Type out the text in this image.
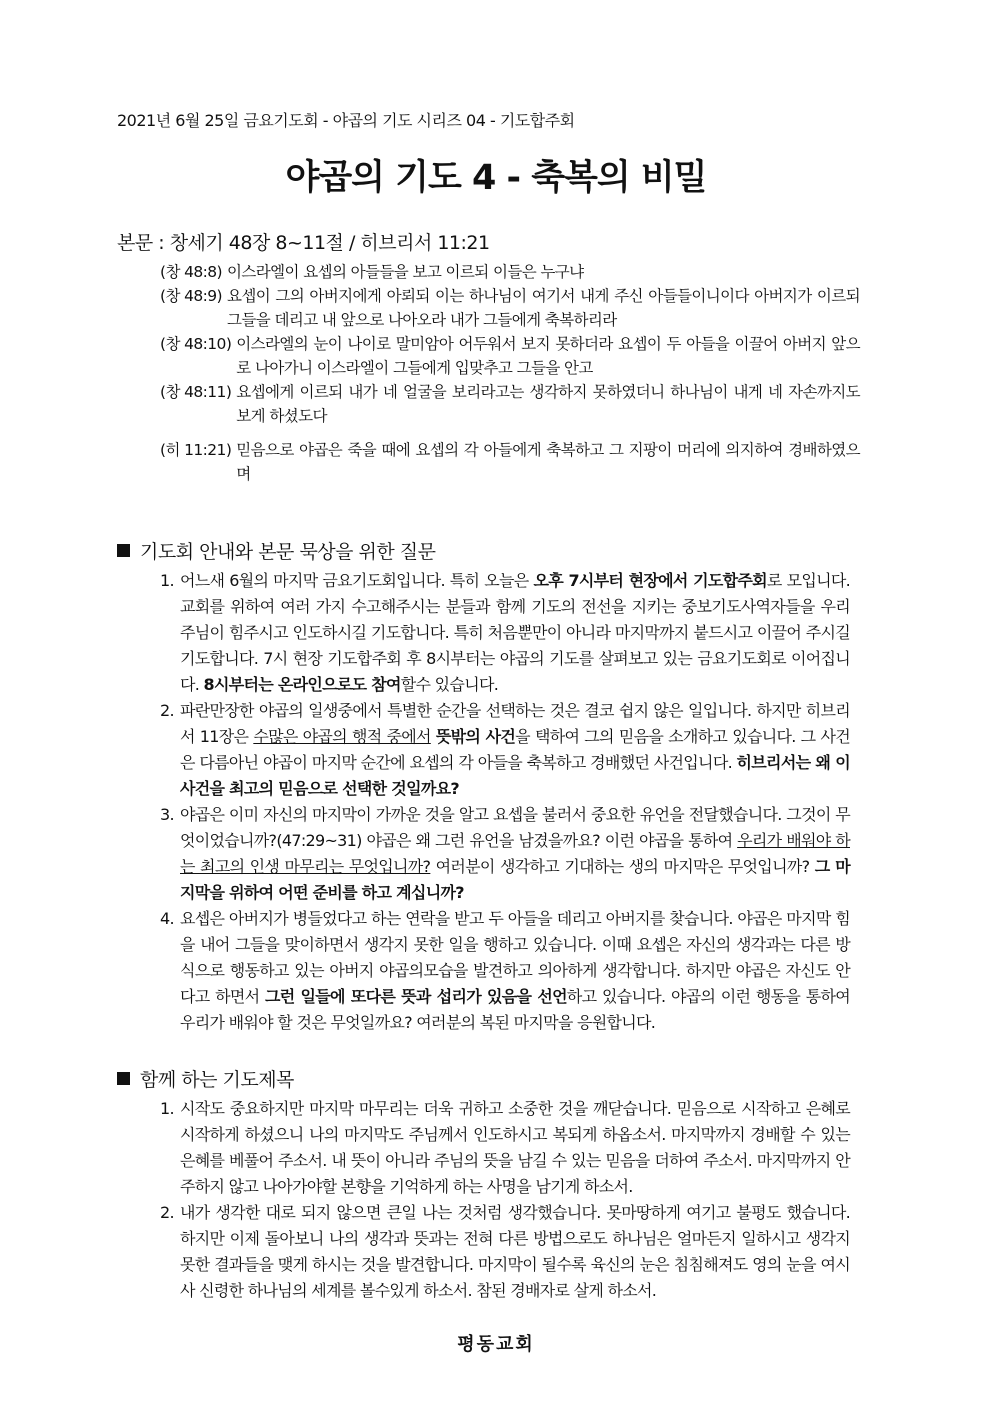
2021년 6월 25일 금요기도회 - 야곱의 기도 시리즈 04 - 기도합주회
야곱의 기도 4 - 축복의 비밀
본문 : 창세기 48장 8~11절 / 히브리서 11:21
(창 48:8) 이스라엘이 요셉의 아들들을 보고 이르되 이들은 누구냐
(창 48:9) 요셉이 그의 아버지에게 아뢰되 이는 하나님이 여기서 내게 주신 아들들이니이다 아버지가 이르되 그들을 데리고 내 앞으로 나아오라 내가 그들에게 축복하리라
(창 48:10) 이스라엘의 눈이 나이로 말미암아 어두워서 보지 못하더라 요셉이 두 아들을 이끌어 아버지 앞으로 나아가니 이스라엘이 그들에게 입맞추고 그들을 안고
(창 48:11) 요셉에게 이르되 내가 네 얼굴을 보리라고는 생각하지 못하였더니 하나님이 내게 네 자손까지도 보게 하셨도다
(히 11:21) 믿음으로 야곱은 죽을 때에 요셉의 각 아들에게 축복하고 그 지팡이 머리에 의지하여 경배하였으며
기도회 안내와 본문 묵상을 위한 질문
1. 어느새 6월의 마지막 금요기도회입니다. 특히 오늘은 오후 7시부터 현장에서 기도합주회로 모입니다. 교회를 위하여 여러 가지 수고해주시는 분들과 함께 기도의 전선을 지키는 중보기도사역자들을 우리 주님이 힘주시고 인도하시길 기도합니다. 특히 처음뿐만이 아니라 마지막까지 붙드시고 이끌어 주시길 기도합니다. 7시 현장 기도합주회 후 8시부터는 야곱의 기도를 살펴보고 있는 금요기도회로 이어집니다. 8시부터는 온라인으로도 참여할수 있습니다.
2. 파란만장한 야곱의 일생중에서 특별한 순간을 선택하는 것은 결코 쉽지 않은 일입니다. 하지만 히브리서 11장은 수많은 야곱의 행적 중에서 뜻밖의 사건을 택하여 그의 믿음을 소개하고 있습니다. 그 사건은 다름아닌 야곱이 마지막 순간에 요셉의 각 아들을 축복하고 경배했던 사건입니다. 히브리서는 왜 이 사건을 최고의 믿음으로 선택한 것일까요?
3. 야곱은 이미 자신의 마지막이 가까운 것을 알고 요셉을 불러서 중요한 유언을 전달했습니다. 그것이 무엇이었습니까?(47:29~31) 야곱은 왜 그런 유언을 남겼을까요? 이런 야곱을 통하여 우리가 배워야 하는 최고의 인생 마무리는 무엇입니까? 여러분이 생각하고 기대하는 생의 마지막은 무엇입니까? 그 마지막을 위하여 어떤 준비를 하고 계십니까?
4. 요셉은 아버지가 병들었다고 하는 연락을 받고 두 아들을 데리고 아버지를 찾습니다. 야곱은 마지막 힘을 내어 그들을 맞이하면서 생각지 못한 일을 행하고 있습니다. 이때 요셉은 자신의 생각과는 다른 방식으로 행동하고 있는 아버지 야곱의모습을 발견하고 의아하게 생각합니다. 하지만 야곱은 자신도 안다고 하면서 그런 일들에 또다른 뜻과 섭리가 있음을 선언하고 있습니다. 야곱의 이런 행동을 통하여 우리가 배워야 할 것은 무엇일까요? 여러분의 복된 마지막을 응원합니다.
함께 하는 기도제목
1. 시작도 중요하지만 마지막 마무리는 더욱 귀하고 소중한 것을 깨닫습니다. 믿음으로 시작하고 은혜로 시작하게 하셨으니 나의 마지막도 주님께서 인도하시고 복되게 하옵소서. 마지막까지 경배할 수 있는 은혜를 베풀어 주소서. 내 뜻이 아니라 주님의 뜻을 남길 수 있는 믿음을 더하여 주소서. 마지막까지 안주하지 않고 나아가야할 본향을 기억하게 하는 사명을 남기게 하소서.
2. 내가 생각한 대로 되지 않으면 큰일 나는 것처럼 생각했습니다. 못마땅하게 여기고 불평도 했습니다. 하지만 이제 돌아보니 나의 생각과 뜻과는 전혀 다른 방법으로도 하나님은 얼마든지 일하시고 생각지 못한 결과들을 맺게 하시는 것을 발견합니다. 마지막이 될수록 육신의 눈은 침침해져도 영의 눈을 여시사 신령한 하나님의 세계를 볼수있게 하소서. 참된 경배자로 살게 하소서.
평동교회
